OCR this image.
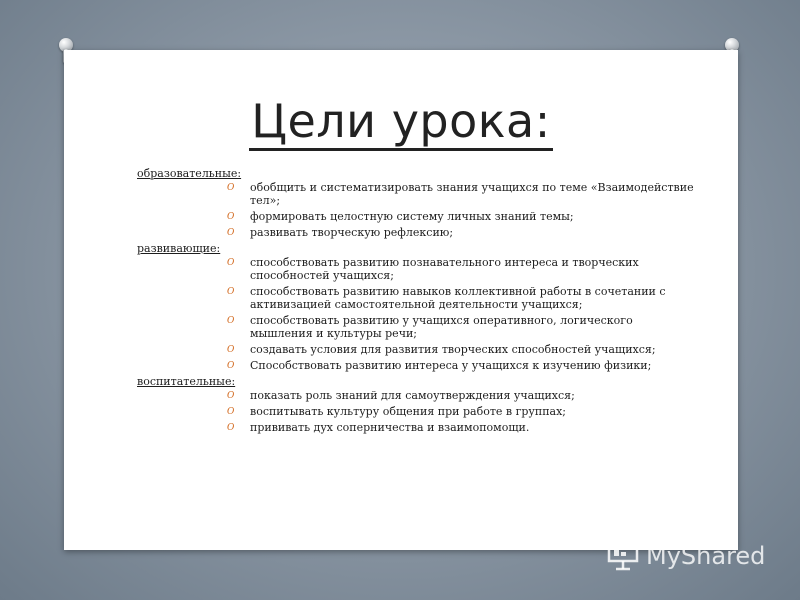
Цели урока:
образовательные:
O обобщить и систематизировать знания учащихся по теме «Взаимодействие тел»;
O формировать целостную систему личных знаний темы;
O развивать творческую рефлексию;
развивающие:
O способствовать развитию познавательного интереса и творческих способностей учащихся;
O способствовать развитию навыков коллективной работы в сочетании с активизацией самостоятельной деятельности учащихся;
O способствовать развитию у учащихся оперативного, логического мышления и культуры речи;
O создавать условия для развития творческих способностей учащихся;
O Способствовать развитию интереса у учащихся к изучению физики;
воспитательные:
O показать роль знаний для самоутверждения учащихся;
O воспитывать культуру общения при работе в группах;
O прививать дух соперничества и взаимопомощи.
MyShared
